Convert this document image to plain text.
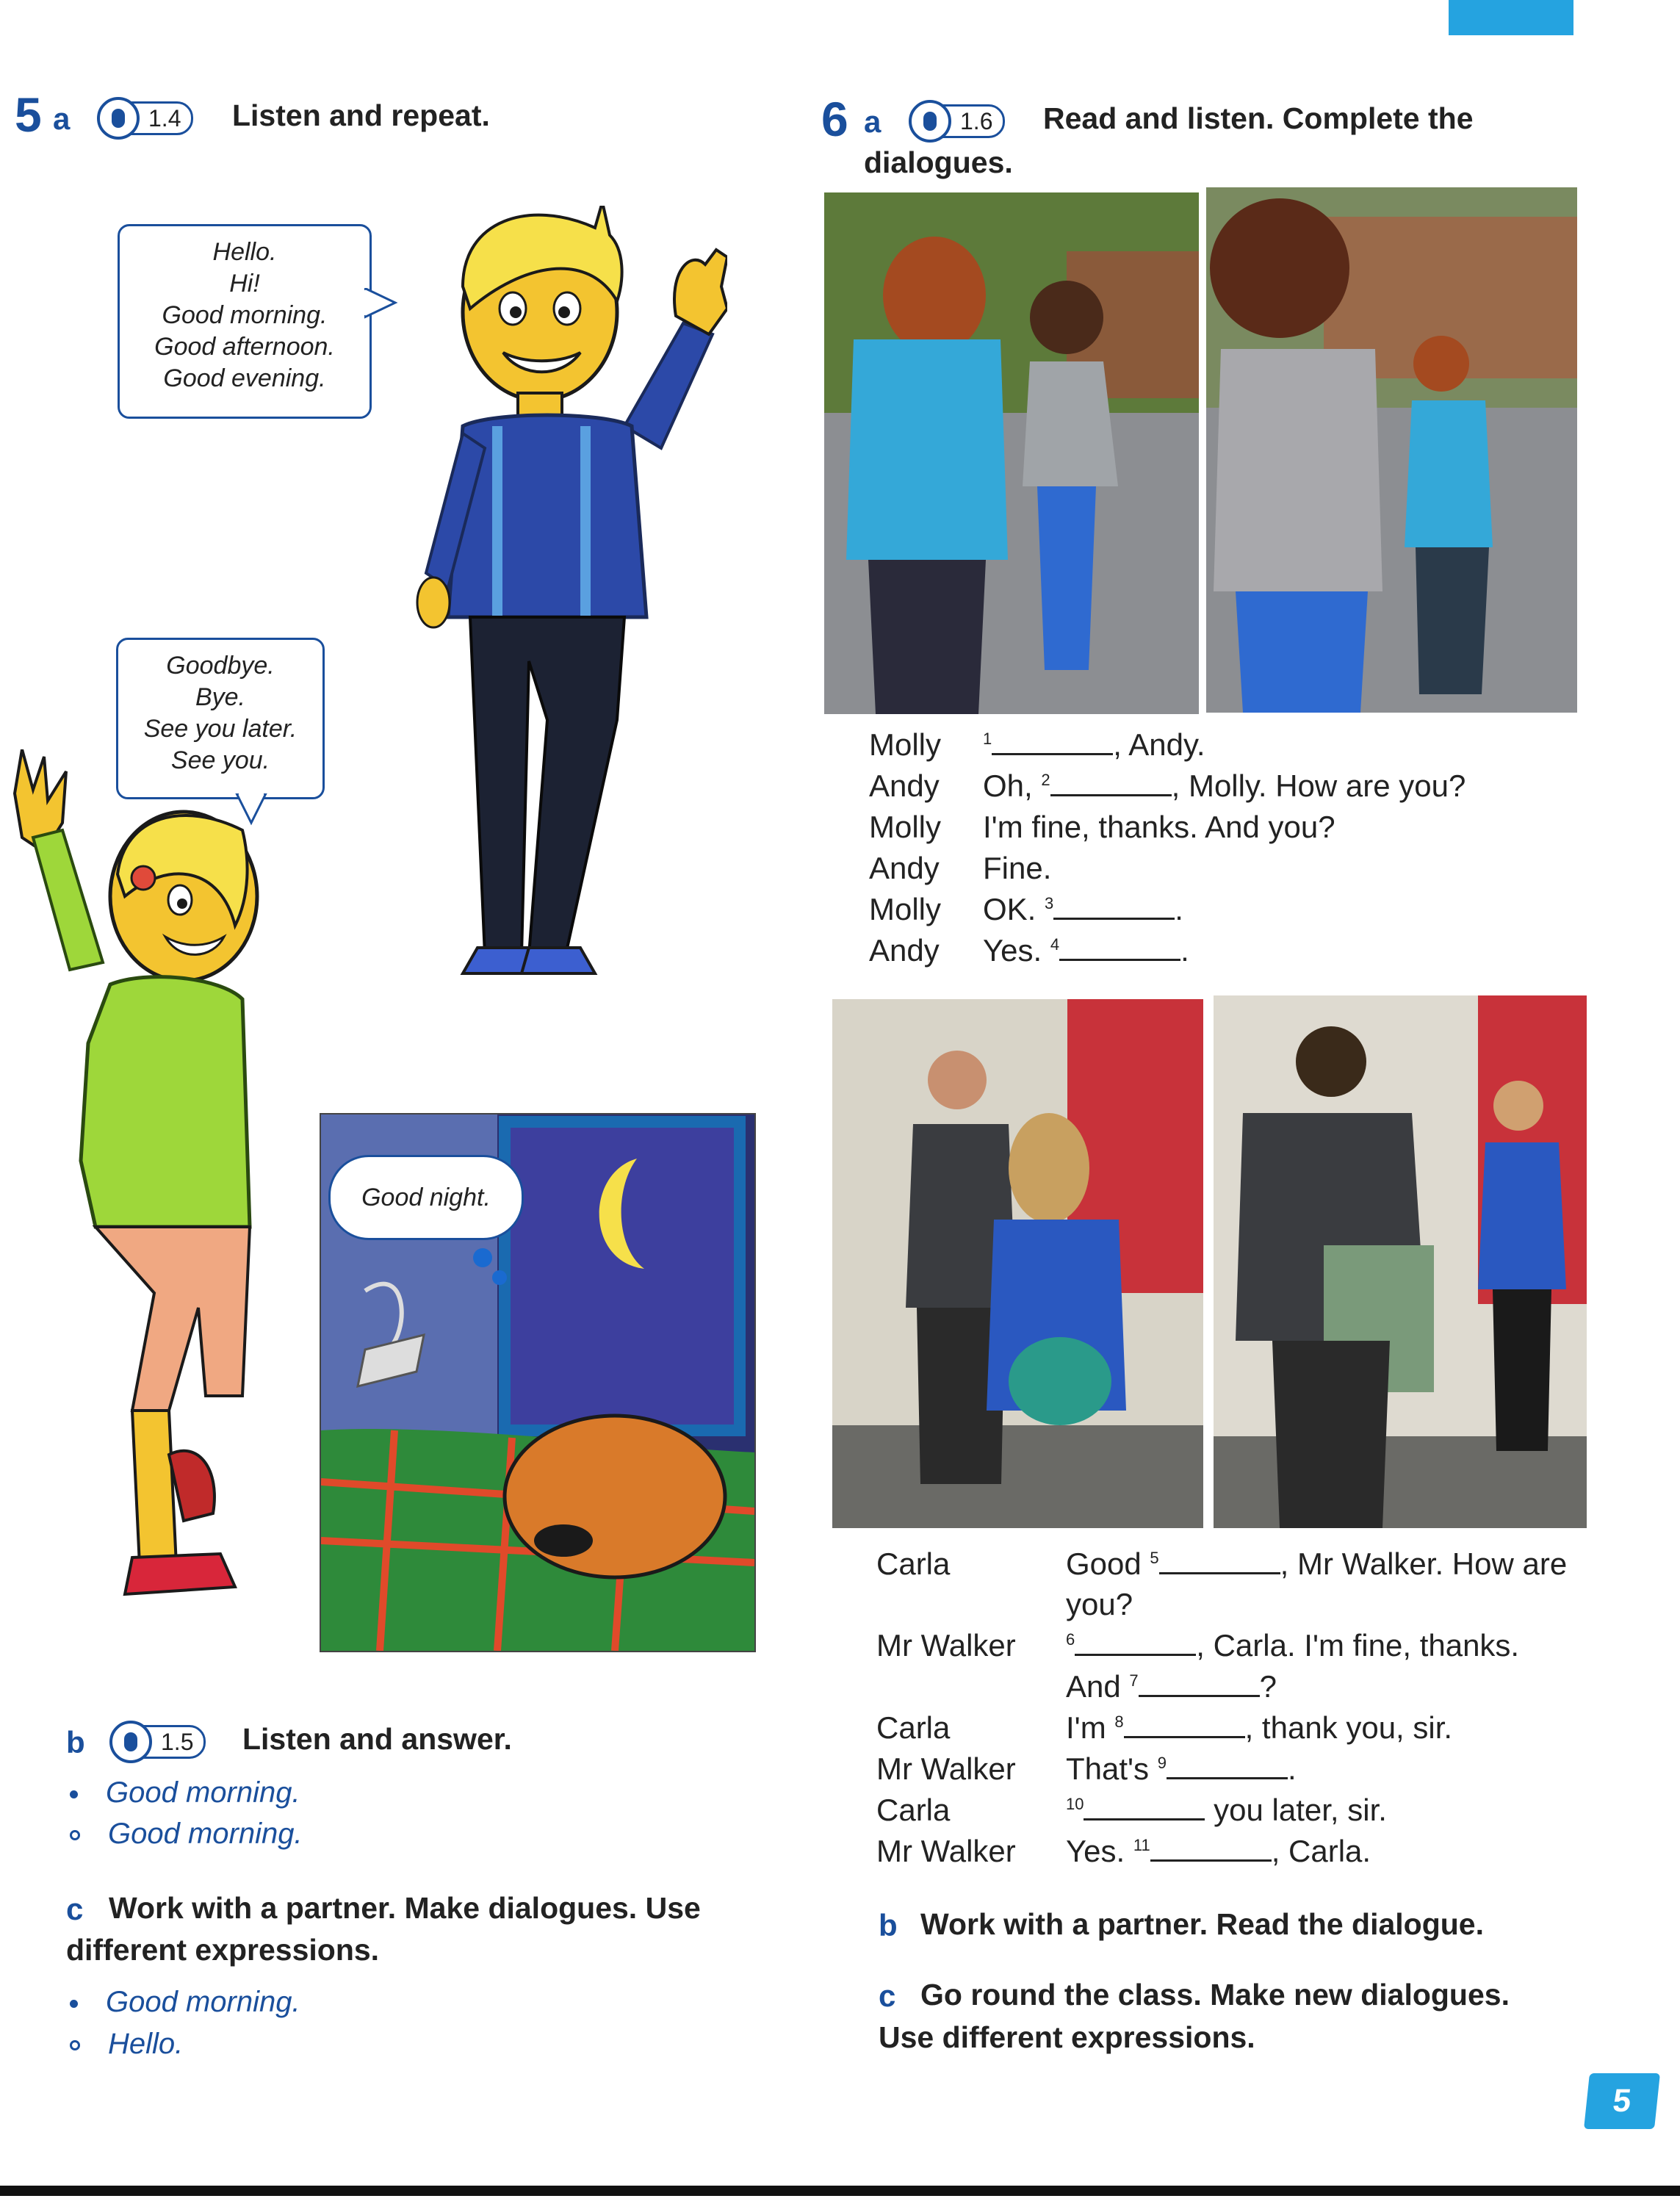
5 a	1.4	Listen and repeat.
Hello.
Hi!
Good morning.
Good afternoon.
Good evening.
Goodbye.
Bye.
See you later.
See you.
Good night.
b	1.5	Listen and answer.
Good morning.
Good morning.
c Work with a partner. Make dialogues. Use
different expressions.
Good morning.
Hello.
6 a	1.6	Read and listen. Complete the
dialogues.
Molly	$^1$	, Andy.
Andy Oh, $^2$	, Molly. How are you?
Molly I'm fine, thanks. And you?
Andy Fine.
Molly OK. $^3$	.
Andy Yes. $^4$	.
Carla	Good $^5$	, Mr Walker. How are
you?
Mr Walker	$^6$	, Carla. I'm fine, thanks.
And $^7$	?
Carla	I'm $^8$	, thank you, sir.
Mr Walker That's $^9$	.
Carla	$^{10}$	you later, sir.
Mr Walker Yes. $^{11}$	, Carla.
b Work with a partner. Read the dialogue.
c Go round the class. Make new dialogues.
Use different expressions.
5
